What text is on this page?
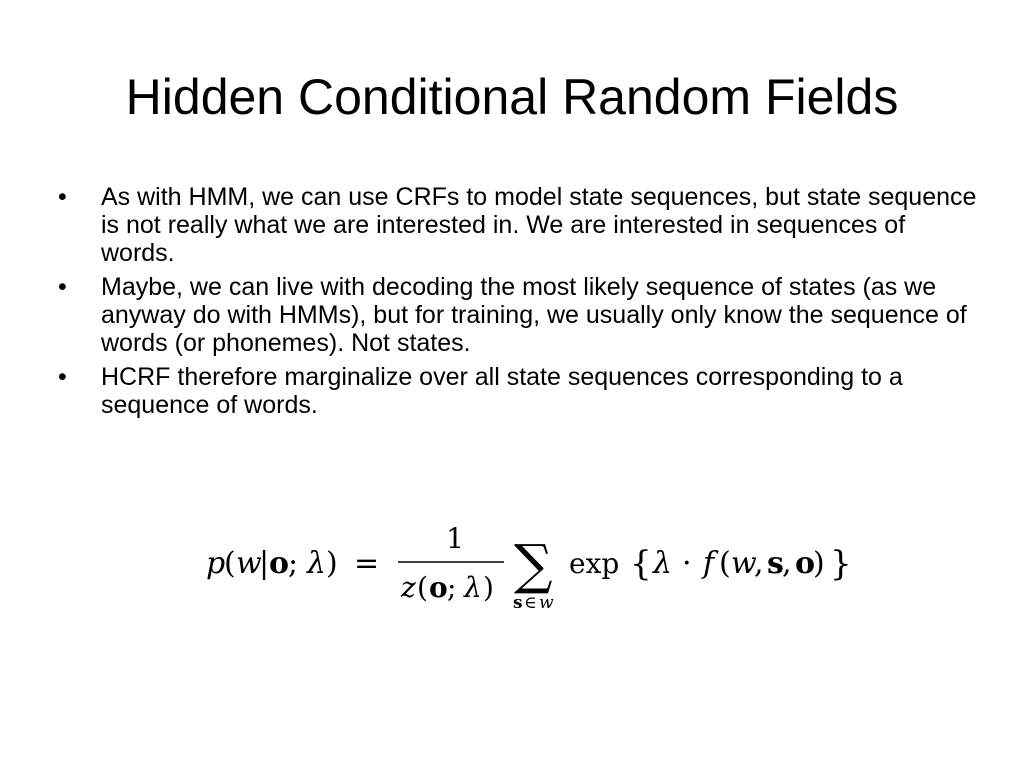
Hidden Conditional Random Fields
• As with HMM, we can use CRFs to model state sequences, but state sequence is not really what we are interested in. We are interested in sequences of words.
• Maybe, we can live with decoding the most likely sequence of states (as we anyway do with HMMs), but for training, we usually only know the sequence of words (or phonemes). Not states.
• HCRF therefore marginalize over all state sequences corresponding to a sequence of words.
p
( w
| o
; λ ) =
1
z ( o ; λ ) ∑
s ∈ w
exp { λ · f ( w
, s
, o
) }
